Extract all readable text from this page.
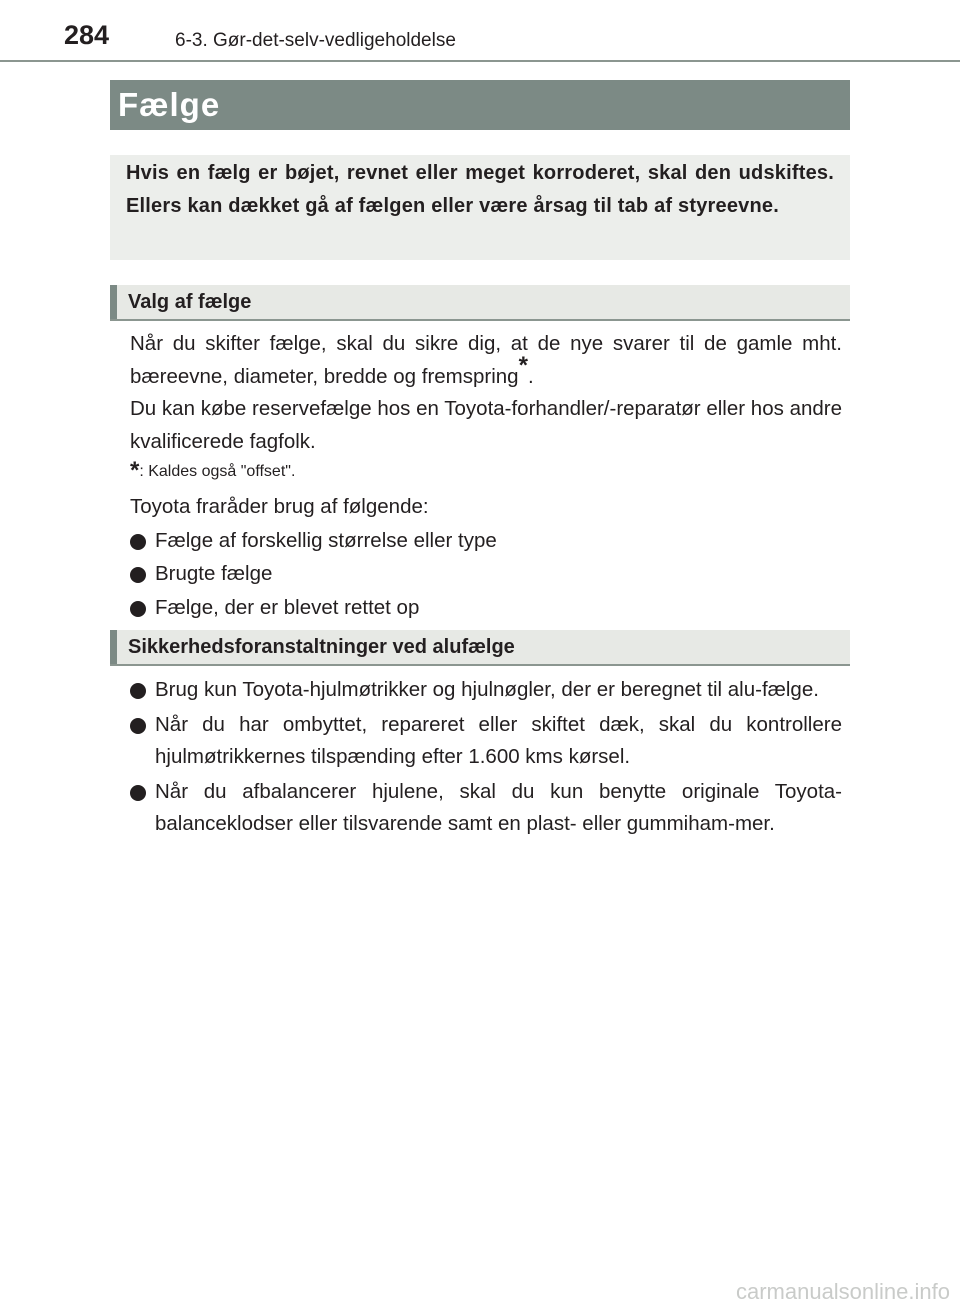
284	6-3. Gør-det-selv-vedligeholdelse
Fælge

Hvis en fælg er bøjet, revnet eller meget korroderet, skal den udskiftes. Ellers kan dækket gå af fælgen eller være årsag til tab af styreevne.

Valg af fælge

Når du skifter fælge, skal du sikre dig, at de nye svarer til de gamle mht. bæreevne, diameter, bredde og fremspring*.

Du kan købe reservefælge hos en Toyota-forhandler/-reparatør eller hos andre kvalificerede fagfolk.

*: Kaldes også "offset".

Toyota fraråder brug af følgende:

Fælge af forskellig størrelse eller type
Brugte fælge
Fælge, der er blevet rettet op
Sikkerhedsforanstaltninger ved alufælge
Brug kun Toyota-hjulmøtrikker og hjulnøgler, der er beregnet til alu-fælge.
Når du har ombyttet, repareret eller skiftet dæk, skal du kontrollere hjulmøtrikkernes tilspænding efter 1.600 kms kørsel.
Når du afbalancerer hjulene, skal du kun benytte originale Toyota-balanceklodser eller tilsvarende samt en plast- eller gummiham-mer.
carmanualsonline.info
